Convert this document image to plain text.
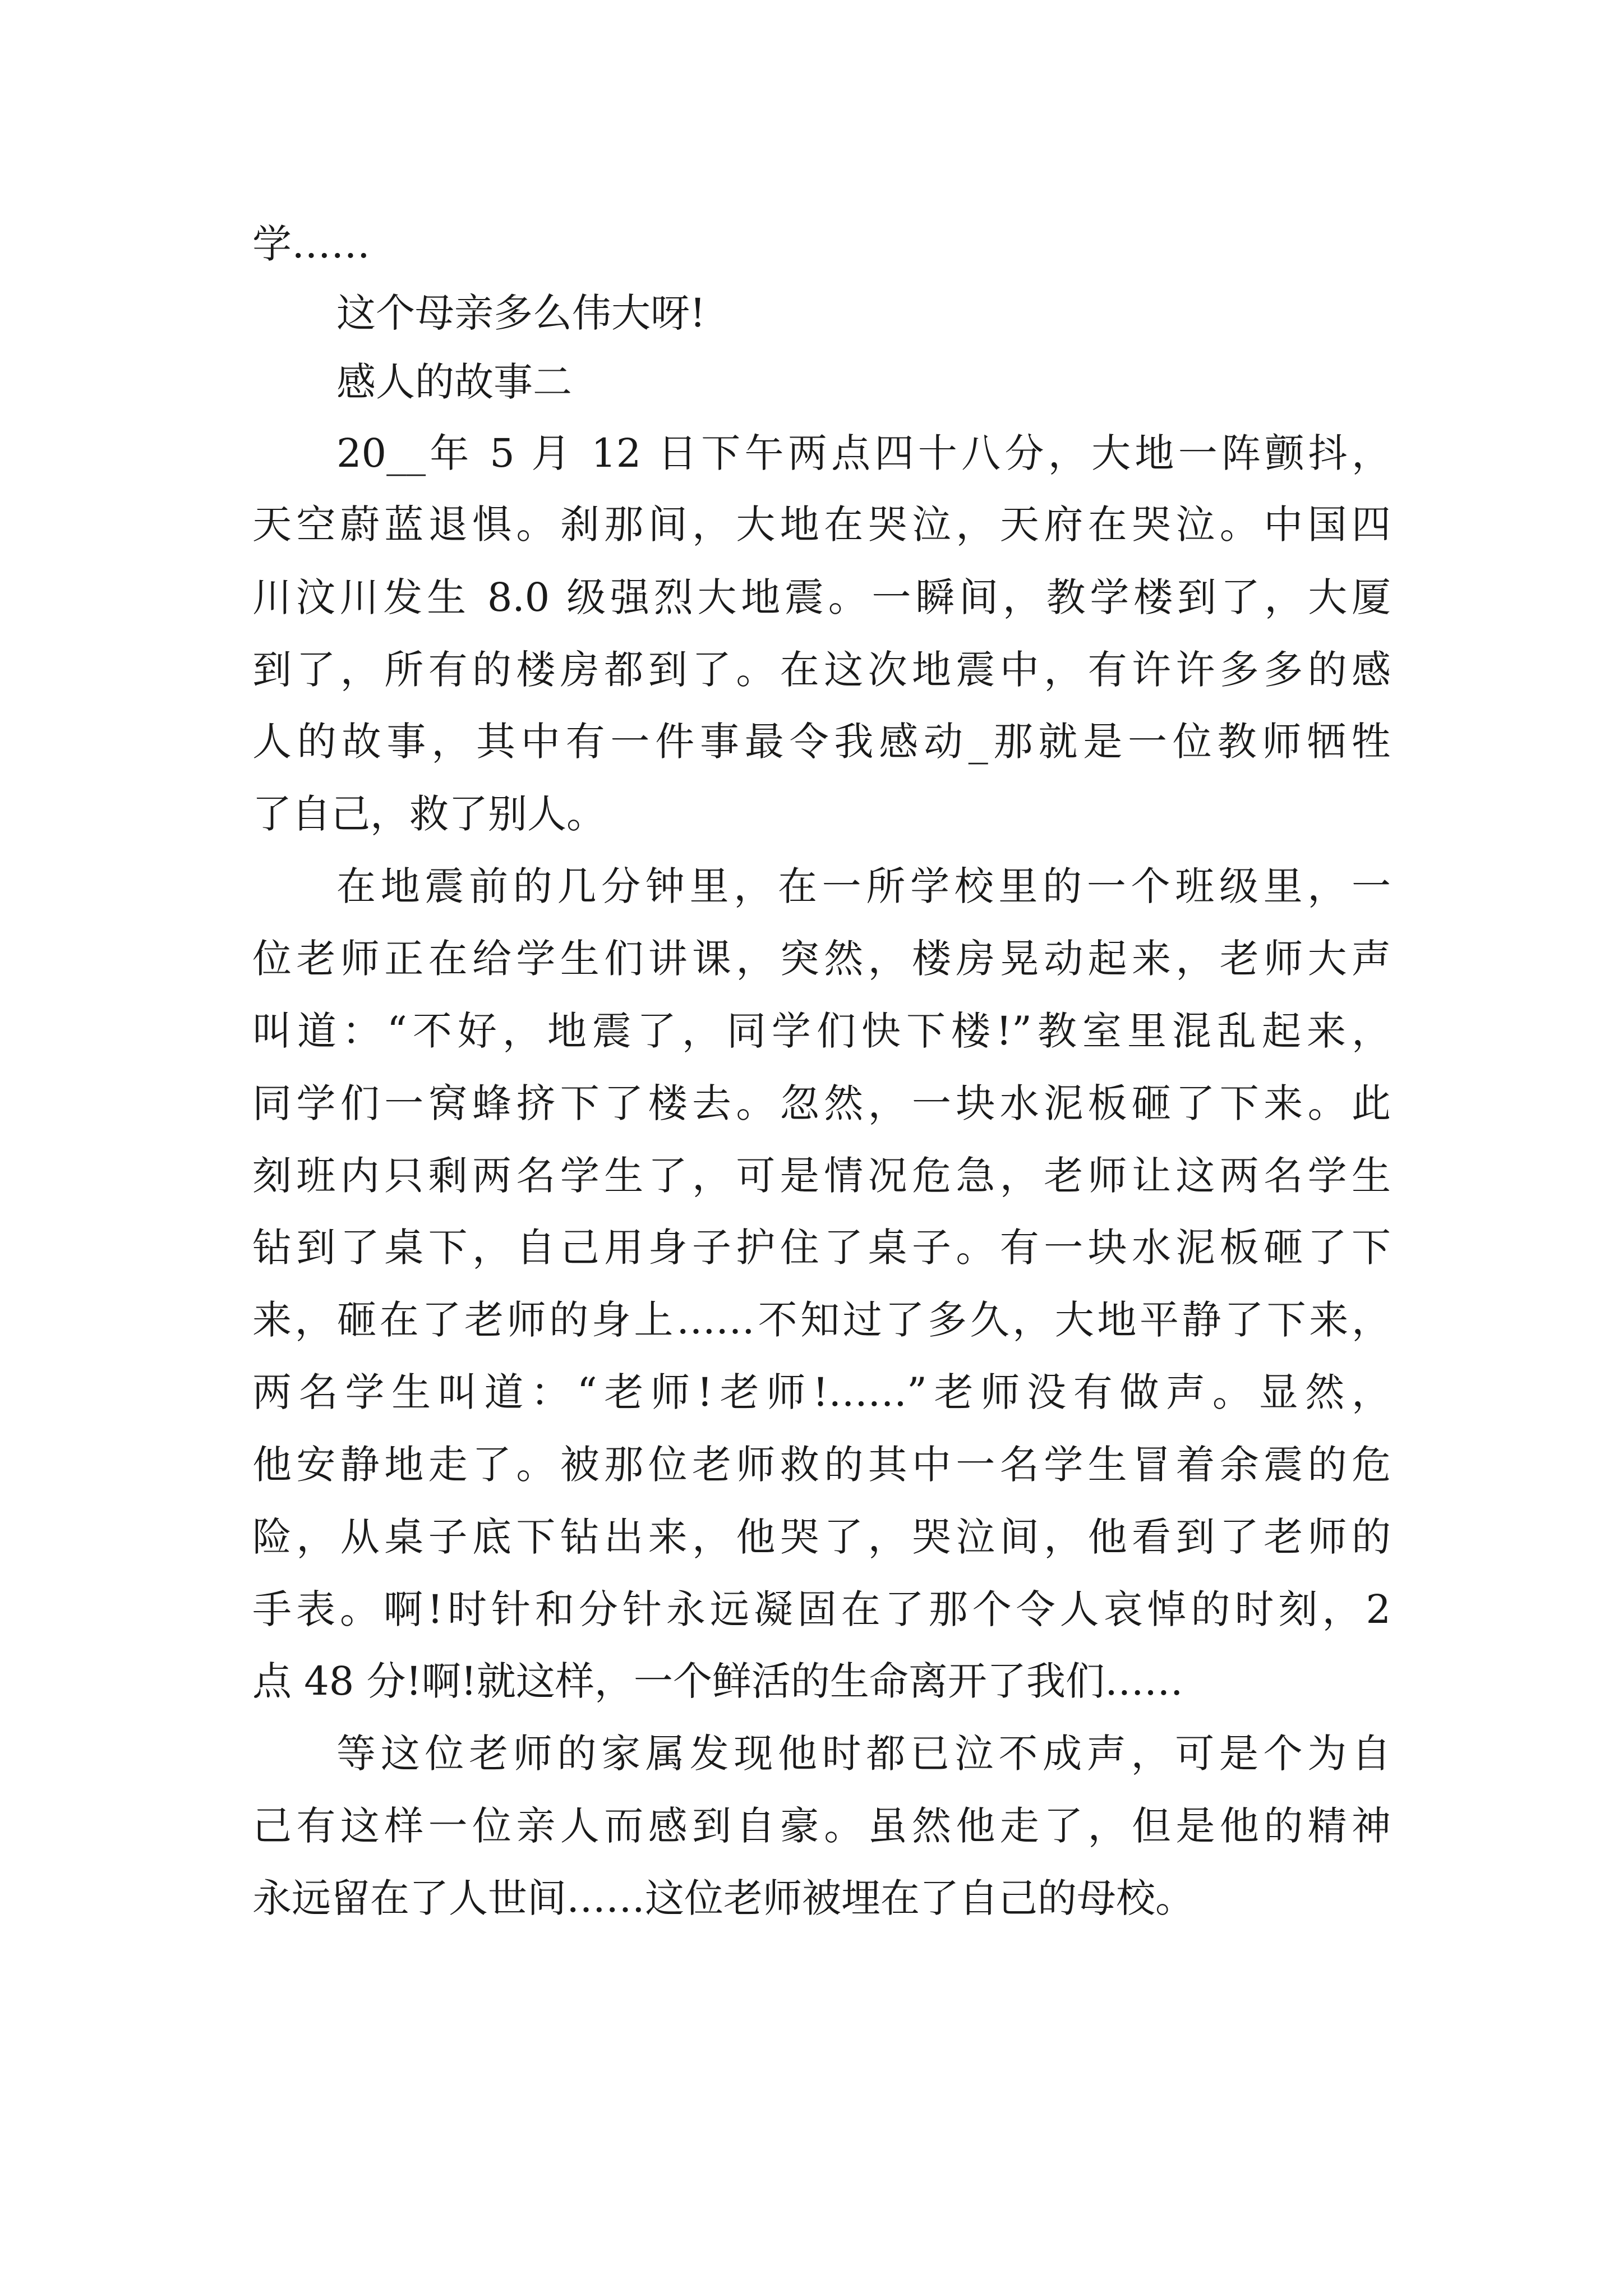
学……
这个母亲多么伟大呀!
感人的故事二
20__年 5 月 12 日下午两点四十八分，大地一阵颤抖，
天空蔚蓝退惧。刹那间，大地在哭泣，天府在哭泣。中国四
川汶川发生 8.0 级强烈大地震。一瞬间，教学楼到了，大厦
到了，所有的楼房都到了。在这次地震中，有许许多多的感
人的故事，其中有一件事最令我感动_那就是一位教师牺牲
了自己，救了别人。
在地震前的几分钟里，在一所学校里的一个班级里，一
位老师正在给学生们讲课，突然，楼房晃动起来，老师大声
叫道：“不好，地震了，同学们快下楼!”教室里混乱起来，
同学们一窝蜂挤下了楼去。忽然，一块水泥板砸了下来。此
刻班内只剩两名学生了，可是情况危急，老师让这两名学生
钻到了桌下，自己用身子护住了桌子。有一块水泥板砸了下
来，砸在了老师的身上……不知过了多久，大地平静了下来，
两名学生叫道：“老师!老师!……”老师没有做声。显然，
他安静地走了。被那位老师救的其中一名学生冒着余震的危
险，从桌子底下钻出来，他哭了，哭泣间，他看到了老师的
手表。啊!时针和分针永远凝固在了那个令人哀悼的时刻，2
点 48 分!啊!就这样，一个鲜活的生命离开了我们……
等这位老师的家属发现他时都已泣不成声，可是个为自
己有这样一位亲人而感到自豪。虽然他走了，但是他的精神
永远留在了人世间……这位老师被埋在了自己的母校。
